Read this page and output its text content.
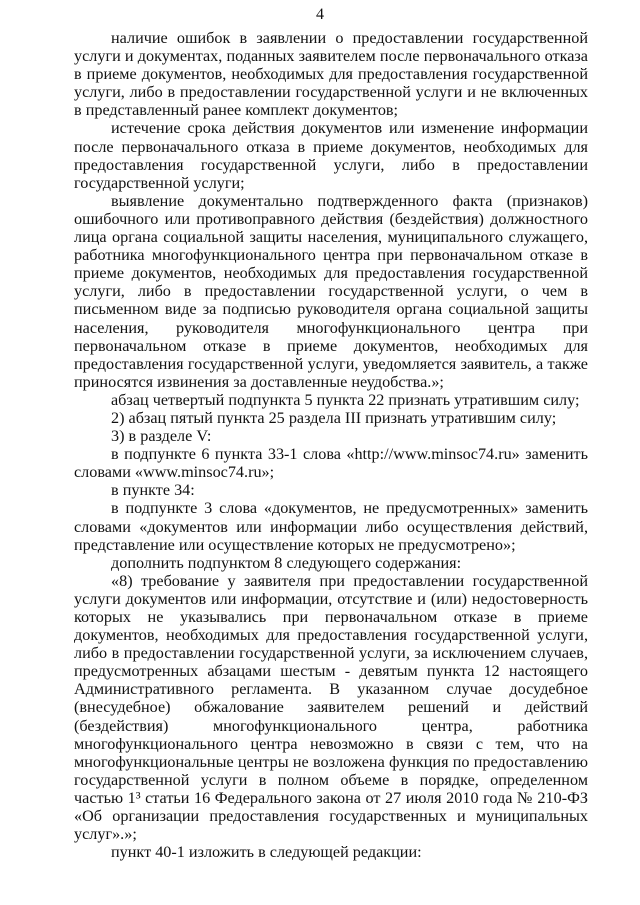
4

наличие ошибок в заявлении о предоставлении государственной услуги и документах, поданных заявителем после первоначального отказа в приеме документов, необходимых для предоставления государственной услуги, либо в предоставлении государственной услуги и не включенных в представленный ранее комплект документов;

истечение срока действия документов или изменение информации после первоначального отказа в приеме документов, необходимых для предоставления государственной услуги, либо в предоставлении государственной услуги;

выявление документально подтвержденного факта (признаков) ошибочного или противоправного действия (бездействия) должностного лица органа социальной защиты населения, муниципального служащего, работника многофункционального центра при первоначальном отказе в приеме документов, необходимых для предоставления государственной услуги, либо в предоставлении государственной услуги, о чем в письменном виде за подписью руководителя органа социальной защиты населения, руководителя многофункционального центра при первоначальном отказе в приеме документов, необходимых для предоставления государственной услуги, уведомляется заявитель, а также приносятся извинения за доставленные неудобства.»;

абзац четвертый подпункта 5 пункта 22 признать утратившим силу;

2) абзац пятый пункта 25 раздела III признать утратившим силу;

3) в разделе V:

в подпункте 6 пункта 33-1 слова «http://www.minsoc74.ru» заменить словами «www.minsoc74.ru»;

в пункте 34:

в подпункте 3 слова «документов, не предусмотренных» заменить словами «документов или информации либо осуществления действий, представление или осуществление которых не предусмотрено»;

дополнить подпунктом 8 следующего содержания:

«8) требование у заявителя при предоставлении государственной услуги документов или информации, отсутствие и (или) недостоверность которых не указывались при первоначальном отказе в приеме документов, необходимых для предоставления государственной услуги, либо в предоставлении государственной услуги, за исключением случаев, предусмотренных абзацами шестым - девятым пункта 12 настоящего Административного регламента. В указанном случае досудебное (внесудебное) обжалование заявителем решений и действий (бездействия) многофункционального центра, работника многофункционального центра невозможно в связи с тем, что на многофункциональные центры не возложена функция по предоставлению государственной услуги в полном объеме в порядке, определенном частью 1³ статьи 16 Федерального закона от 27 июля 2010 года № 210-ФЗ «Об организации предоставления государственных и муниципальных услуг».»;

пункт 40-1 изложить в следующей редакции:
